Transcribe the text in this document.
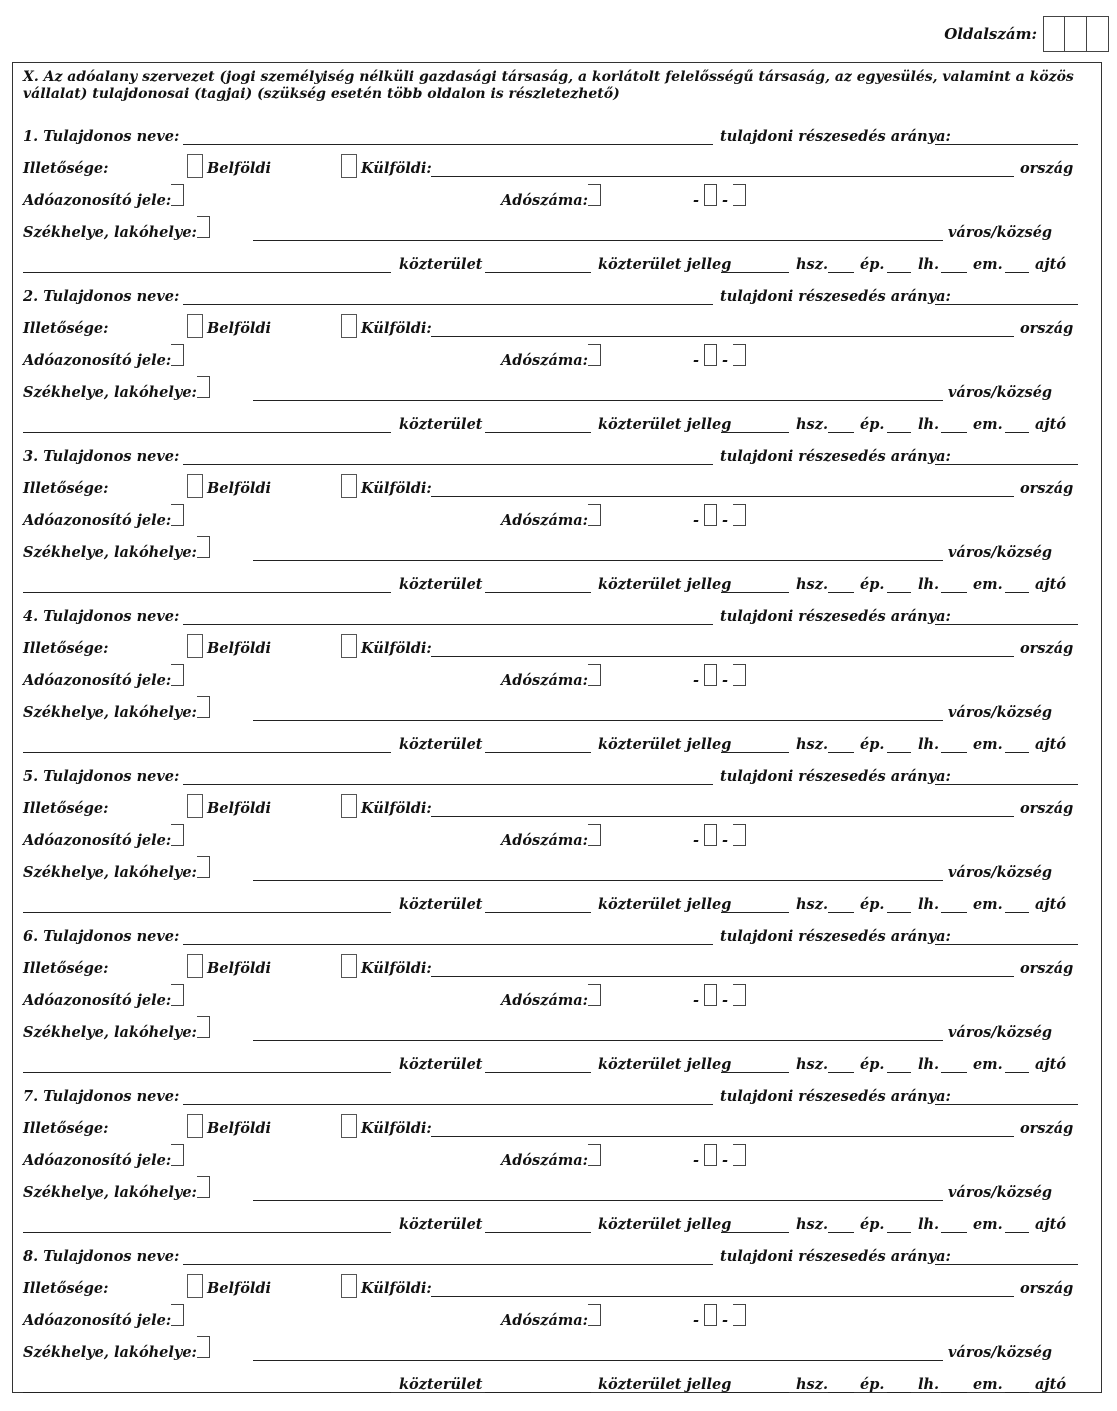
Oldalszám:
X. Az adóalany szervezet (jogi személyiség nélküli gazdasági társaság, a korlátolt felelősségű társaság, az egyesülés, valamint a közös vállalat) tulajdonosai (tagjai) (szükség esetén több oldalon is részletezhető)
1. Tulajdonos neve:	tulajdoni részesedés aránya:
Illetősége:	Belföldi	Külföldi:	ország
Adóazonosító jele:	Adószáma:	- -
Székhelye, lakóhelye:	város/község
közterület	közterület jelleg	hsz. ép. lh. em. ajtó
2. Tulajdonos neve:	tulajdoni részesedés aránya:
Illetősége:	Belföldi	Külföldi:	ország
Adóazonosító jele:	Adószáma:	- -
Székhelye, lakóhelye:	város/község
közterület	közterület jelleg	hsz. ép. lh. em. ajtó
3. Tulajdonos neve:	tulajdoni részesedés aránya:
Illetősége:	Belföldi	Külföldi:	ország
Adóazonosító jele:	Adószáma:	- -
Székhelye, lakóhelye:	város/község
közterület	közterület jelleg	hsz. ép. lh. em. ajtó
4. Tulajdonos neve:	tulajdoni részesedés aránya:
Illetősége:	Belföldi	Külföldi:	ország
Adóazonosító jele:	Adószáma:	- -
Székhelye, lakóhelye:	város/község
közterület	közterület jelleg	hsz. ép. lh. em. ajtó
5. Tulajdonos neve:	tulajdoni részesedés aránya:
Illetősége:	Belföldi	Külföldi:	ország
Adóazonosító jele:	Adószáma:	- -
Székhelye, lakóhelye:	város/község
közterület	közterület jelleg	hsz. ép. lh. em. ajtó
6. Tulajdonos neve:	tulajdoni részesedés aránya:
Illetősége:	Belföldi	Külföldi:	ország
Adóazonosító jele:	Adószáma:	- -
Székhelye, lakóhelye:	város/község
közterület	közterület jelleg	hsz. ép. lh. em. ajtó
7. Tulajdonos neve:	tulajdoni részesedés aránya:
Illetősége:	Belföldi	Külföldi:	ország
Adóazonosító jele:	Adószáma:	- -
Székhelye, lakóhelye:	város/község
közterület	közterület jelleg	hsz. ép. lh. em. ajtó
8. Tulajdonos neve:	tulajdoni részesedés aránya:
Illetősége:	Belföldi	Külföldi:	ország
Adóazonosító jele:	Adószáma:	- -
Székhelye, lakóhelye:	város/község
közterület	közterület jelleg	hsz. ép. lh. em. ajtó
